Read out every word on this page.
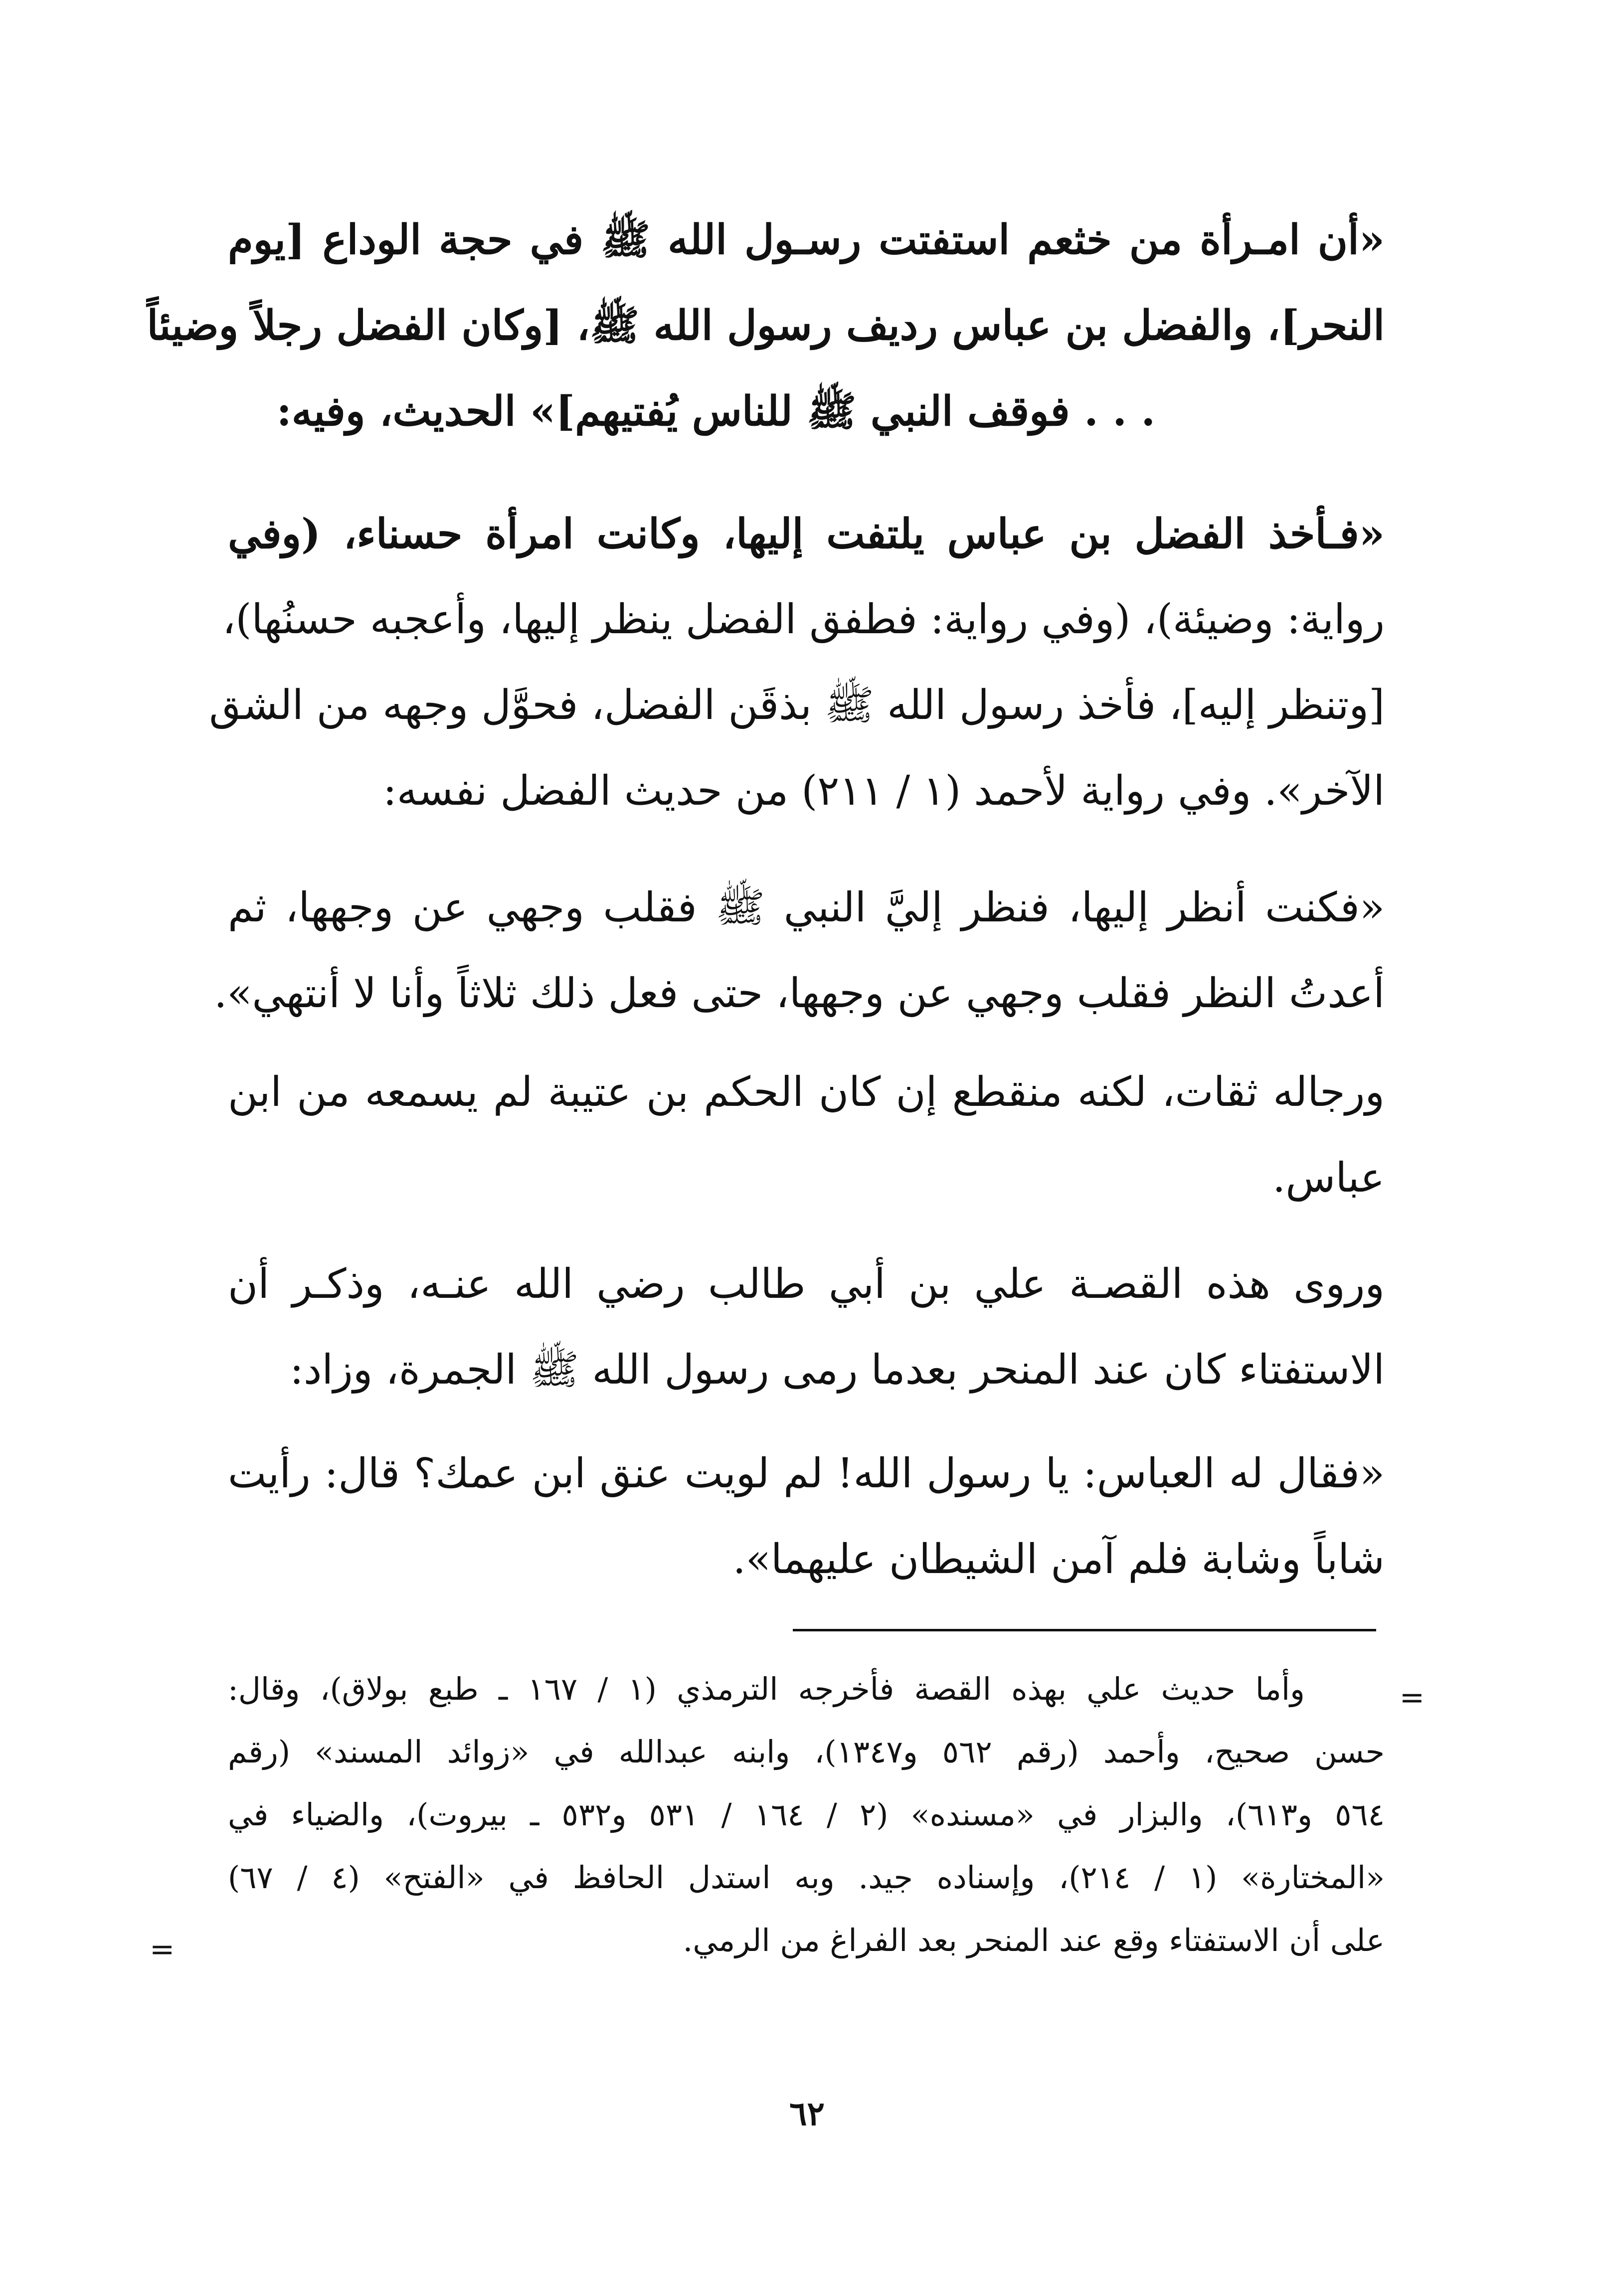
«أن امـرأة من خثعم استفتت رسـول الله ﷺ في حجة الوداع [يوم
النحر]، والفضل بن عباس رديف رسول الله ﷺ، [وكان الفضل رجلاً وضيئاً
. . . فوقف النبي ﷺ للناس يُفتيهم]» الحديث، وفيه:
«فـأخذ الفضل بن عباس يلتفت إليها، وكانت امرأة حسناء، (وفي
رواية: وضيئة)، (وفي رواية: فطفق الفضل ينظر إليها، وأعجبه حسنُها)،
[وتنظر إليه]، فأخذ رسول الله ﷺ بذقَن الفضل، فحوَّل وجهه من الشق
الآخر». وفي رواية لأحمد (١ / ٢١١) من حديث الفضل نفسه:
«فكنت أنظر إليها، فنظر إليَّ النبي ﷺ فقلب وجهي عن وجهها، ثم
أعدتُ النظر فقلب وجهي عن وجهها، حتى فعل ذلك ثلاثاً وأنا لا أنتهي».
ورجاله ثقات، لكنه منقطع إن كان الحكم بن عتيبة لم يسمعه من ابن
عباس.
وروى هذه القصـة علي بن أبي طالب رضي الله عنـه، وذكـر أن
الاستفتاء كان عند المنحر بعدما رمى رسول الله ﷺ الجمرة، وزاد:
«فقال له العباس: يا رسول الله! لم لويت عنق ابن عمك؟ قال: رأيت
شاباً وشابة فلم آمن الشيطان عليهما».
=
وأما حديث علي بهذه القصة فأخرجه الترمذي (١ / ١٦٧ ـ طبع بولاق)، وقال:
حسن صحيح، وأحمد (رقم ٥٦٢ و١٣٤٧)، وابنه عبدالله في «زوائد المسند» (رقم
٥٦٤ و٦١٣)، والبزار في «مسنده» (٢ / ١٦٤ / ٥٣١ و٥٣٢ ـ بيروت)، والضياء في
«المختارة» (١ / ٢١٤)، وإسناده جيد. وبه استدل الحافظ في «الفتح» (٤ / ٦٧)
على أن الاستفتاء وقع عند المنحر بعد الفراغ من الرمي.
=
٦٢
